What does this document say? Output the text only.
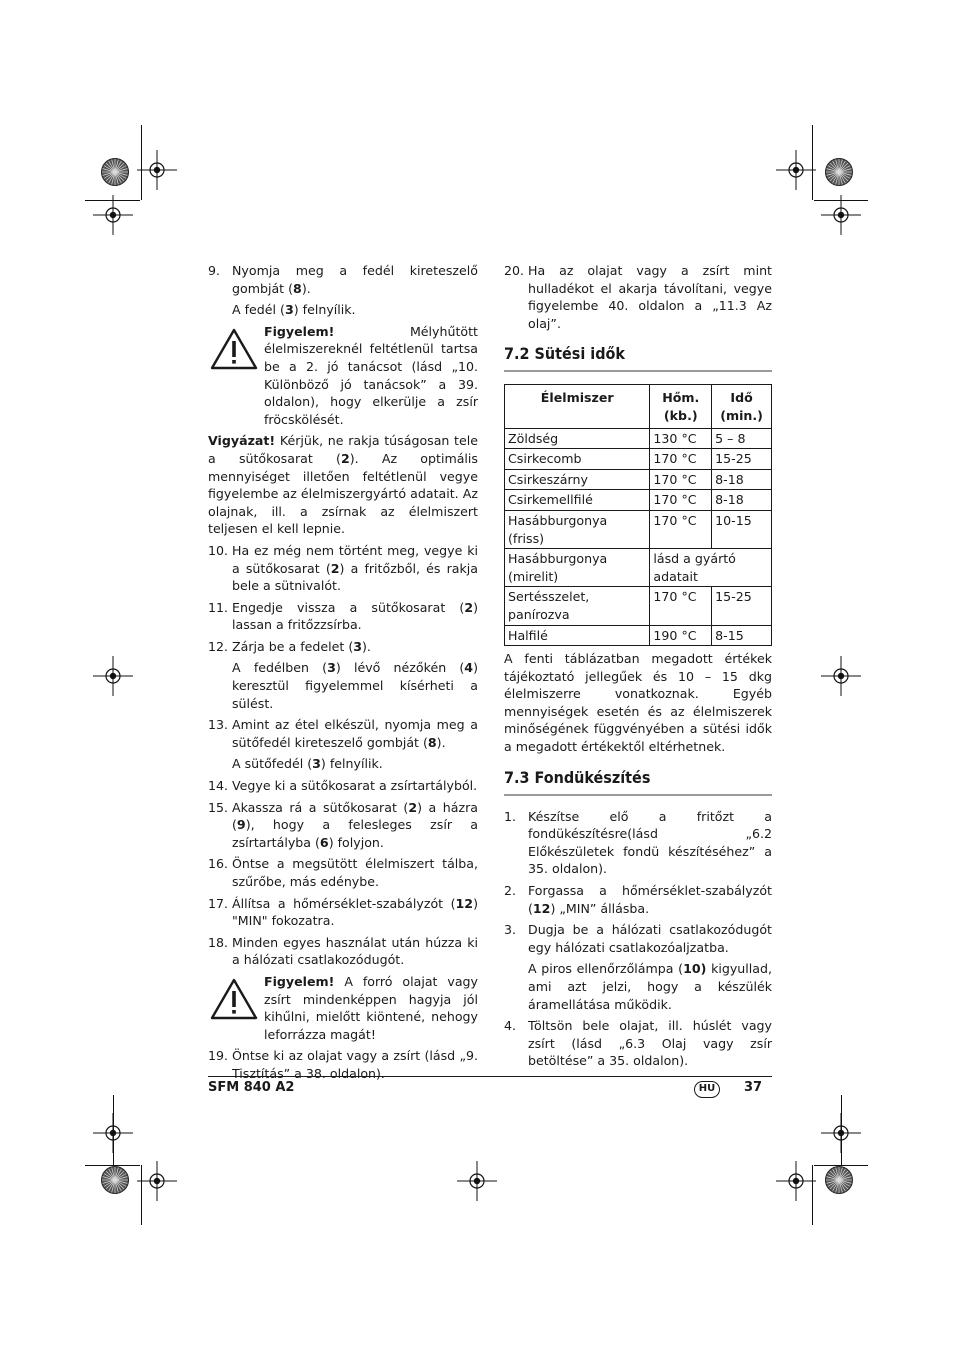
9. Nyomja meg a fedél kireteszelő gombját (8).
A fedél (3) felnyílik.
Figyelem!	Mélyhűtött élelmiszereknél feltétlenül tartsa be a 2. jó tanácsot (lásd „10. Különböző jó tanácsok” a 39. oldalon), hogy elkerülje a zsír fröcskölését.
Vigyázat! Kérjük, ne rakja túságosan tele a sütőkosarat (2). Az optimális mennyiséget illetően feltétlenül vegye figyelembe az élelmiszergyártó adatait. Az olajnak, ill. a zsírnak az élelmiszert teljesen el kell lepnie.
10. Ha ez még nem történt meg, vegye ki a sütőkosarat (2) a fritőzből, és rakja bele a sütnivalót.
11. Engedje vissza a sütőkosarat (2) lassan a fritőzzsírba.
12. Zárja be a fedelet (3).
A fedélben (3) lévő nézőkén (4) keresztül figyelemmel kísérheti a sülést.
13. Amint az étel elkészül, nyomja meg a sütőfedél kireteszelő gombját (8).
A sütőfedél (3) felnyílik.
14. Vegye ki a sütőkosarat a zsírtartályból.
15. Akassza rá a sütőkosarat (2) a házra (9), hogy a felesleges zsír a zsírtartályba (6) folyjon.
16. Öntse a megsütött élelmiszert tálba, szűrőbe, más edénybe.
17. Állítsa a hőmérséklet-szabályzót (12) "MIN" fokozatra.
18. Minden egyes használat után húzza ki a hálózati csatlakozódugót.
Figyelem! A forró olajat vagy zsírt mindenképpen hagyja jól kihűlni, mielőtt kiöntené, nehogy leforrázza magát!
19. Öntse ki az olajat vagy a zsírt (lásd „9. Tisztítás” a 38. oldalon).
20. Ha az olajat vagy a zsírt mint hulladékot el akarja távolítani, vegye figyelembe 40. oldalon a „11.3 Az olaj”.
7.2 Sütési idők
Élelmiszer	Hőm. (kb.)	Idő (min.)
Zöldség	130 °C	5 – 8
Csirkecomb	170 °C	15-25
Csirkeszárny	170 °C	8-18
Csirkemellfilé	170 °C	8-18
Hasábburgonya (friss)	170 °C	10-15
Hasábburgonya (mirelit)	lásd a gyártó adatait	
Sertésszelet, panírozva	170 °C	15-25
Halfilé	190 °C	8-15
A fenti táblázatban megadott értékek tájékoztató jellegűek és 10 – 15 dkg élelmiszerre vonatkoznak. Egyéb mennyiségek esetén és az élelmiszerek minőségének függvényében a sütési idők a megadott értékektől eltérhetnek.
7.3 Fondükészítés
1. Készítse elő a fritőzt a fondükészítésre(lásd „6.2 Előkészületek fondü készítéséhez” a 35. oldalon).
2. Forgassa a hőmérséklet-szabályzót (12) „MIN” állásba.
3. Dugja be a hálózati csatlakozódugót egy hálózati csatlakozóaljzatba.
A piros ellenőrzőlámpa (10) kigyullad, ami azt jelzi, hogy a készülék áramellátása működik.
4. Töltsön bele olajat, ill. húslét vagy zsírt (lásd „6.3 Olaj vagy zsír betöltése” a 35. oldalon).
SFM 840 A2	HU	37
